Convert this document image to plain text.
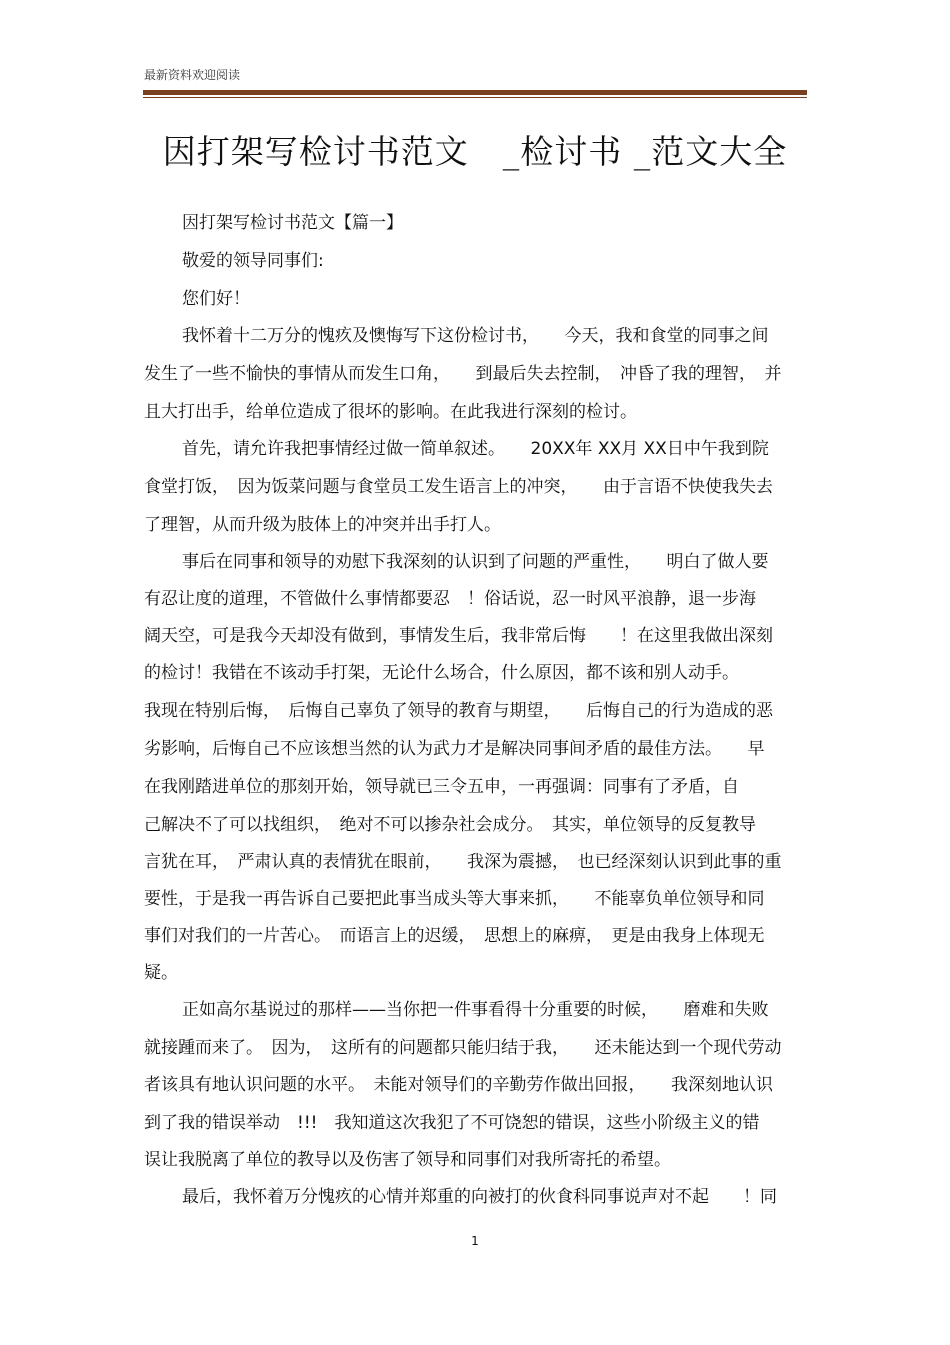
最新资料欢迎阅读
因打架写检讨书范文　_检讨书 _范文大全
因打架写检讨书范文【篇一】
敬爱的领导同事们:
您们好！
我怀着十二万分的愧疚及懊悔写下这份检讨书，　　今天，我和食堂的同事之间
发生了一些不愉快的事情从而发生口角，　　到最后失去控制，　冲昏了我的理智，　并
且大打出手，给单位造成了很坏的影响。在此我进行深刻的检讨。
首先，请允许我把事情经过做一简单叙述。　　20XX年 XX月 XX日中午我到院
食堂打饭，　因为饭菜问题与食堂员工发生语言上的冲突，　　由于言语不快使我失去
了理智，从而升级为肢体上的冲突并出手打人。
事后在同事和领导的劝慰下我深刻的认识到了问题的严重性，　　明白了做人要
有忍让度的道理，不管做什么事情都要忍　！俗话说，忍一时风平浪静，退一步海
阔天空，可是我今天却没有做到，事情发生后，我非常后悔　　！在这里我做出深刻
的检讨！我错在不该动手打架，无论什么场合，什么原因，都不该和别人动手。
我现在特别后悔，　后悔自己辜负了领导的教育与期望，　　后悔自己的行为造成的恶
劣影响，后悔自己不应该想当然的认为武力才是解决同事间矛盾的最佳方法。　　早
在我刚踏进单位的那刻开始，领导就已三令五申，一再强调：同事有了矛盾，自
己解决不了可以找组织，　绝对不可以掺杂社会成分。　其实，单位领导的反复教导
言犹在耳，　严肃认真的表情犹在眼前，　　我深为震撼，　也已经深刻认识到此事的重
要性，于是我一再告诉自己要把此事当成头等大事来抓，　　不能辜负单位领导和同
事们对我们的一片苦心。　而语言上的迟缓，　思想上的麻痹，　更是由我身上体现无
疑。
正如高尔基说过的那样——当你把一件事看得十分重要的时候，　　磨难和失败
就接踵而来了。　因为，　这所有的问题都只能归结于我，　　还未能达到一个现代劳动
者该具有地认识问题的水平。　未能对领导们的辛勤劳作做出回报，　　我深刻地认识
到了我的错误举动　!!!　我知道这次我犯了不可饶恕的错误，这些小阶级主义的错
误让我脱离了单位的教导以及伤害了领导和同事们对我所寄托的希望。
最后，我怀着万分愧疚的心情并郑重的向被打的伙食科同事说声对不起　　！同
1
